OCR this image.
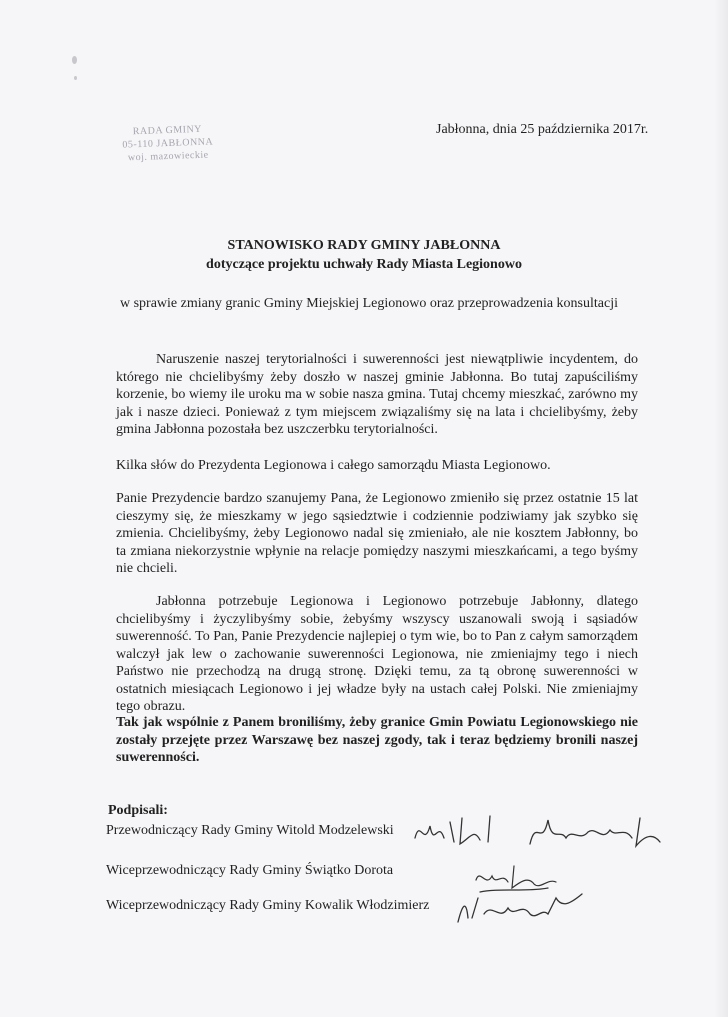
RADA GMINY
05-110 JABŁONNA
woj. mazowieckie
Jabłonna, dnia 25 października 2017r.
STANOWISKO RADY GMINY JABŁONNA
dotyczące projektu uchwały Rady Miasta Legionowo
w sprawie zmiany granic Gminy Miejskiej Legionowo oraz przeprowadzenia konsultacji
Naruszenie naszej terytorialności i suwerenności jest niewątpliwie incydentem, do którego nie chcielibyśmy żeby doszło w naszej gminie Jabłonna. Bo tutaj zapuściliśmy korzenie, bo wiemy ile uroku ma w sobie nasza gmina. Tutaj chcemy mieszkać, zarówno my jak i nasze dzieci. Ponieważ z tym miejscem związaliśmy się na lata i chcielibyśmy, żeby gmina Jabłonna pozostała bez uszczerbku terytorialności.
Kilka słów do Prezydenta Legionowa i całego samorządu Miasta Legionowo.
Panie Prezydencie bardzo szanujemy Pana, że Legionowo zmieniło się przez ostatnie 15 lat cieszymy się, że mieszkamy w jego sąsiedztwie i codziennie podziwiamy jak szybko się zmienia. Chcielibyśmy, żeby Legionowo nadal się zmieniało, ale nie kosztem Jabłonny, bo ta zmiana niekorzystnie wpłynie na relacje pomiędzy naszymi mieszkańcami, a tego byśmy nie chcieli.
Jabłonna potrzebuje Legionowa i Legionowo potrzebuje Jabłonny, dlatego chcielibyśmy i życzylibyśmy sobie, żebyśmy wszyscy uszanowali swoją i sąsiadów suwerenność. To Pan, Panie Prezydencie najlepiej o tym wie, bo to Pan z całym samorządem walczył jak lew o zachowanie suwerenności Legionowa, nie zmieniajmy tego i niech Państwo nie przechodzą na drugą stronę. Dzięki temu, za tą obronę suwerenności w ostatnich miesiącach Legionowo i jej władze były na ustach całej Polski. Nie zmieniajmy tego obrazu.
Tak jak wspólnie z Panem broniliśmy, żeby granice Gmin Powiatu Legionowskiego nie zostały przejęte przez Warszawę bez naszej zgody, tak i teraz będziemy bronili naszej suwerenności.
Podpisali:
Przewodniczący Rady Gminy Witold Modzelewski
Wiceprzewodniczący Rady Gminy Świątko Dorota
Wiceprzewodniczący Rady Gminy Kowalik Włodzimierz
